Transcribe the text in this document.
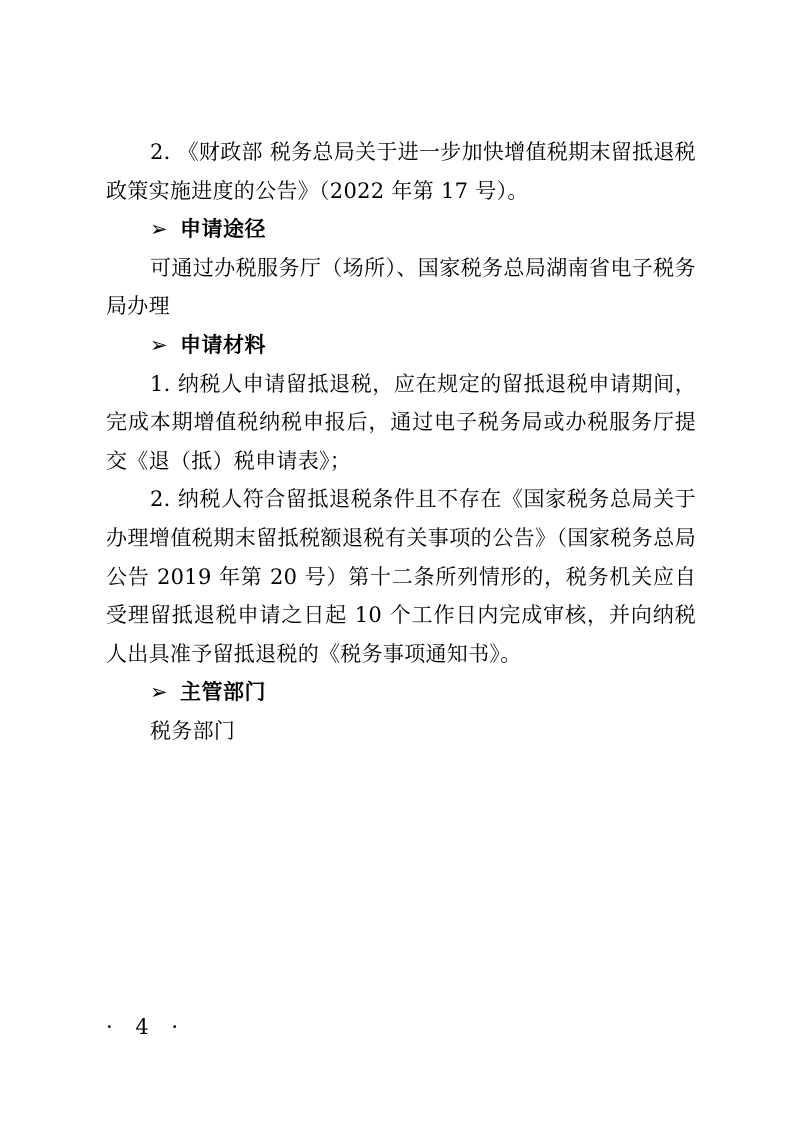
2. 《财政部 税务总局关于进一步加快增值税期末留抵退税政策实施进度的公告》（2022 年第 17 号）。

➢ 申请途径

可通过办税服务厅（场所）、国家税务总局湖南省电子税务局办理

➢ 申请材料

1. 纳税人申请留抵退税，应在规定的留抵退税申请期间，完成本期增值税纳税申报后，通过电子税务局或办税服务厅提交《退（抵）税申请表》；

2. 纳税人符合留抵退税条件且不存在《国家税务总局关于办理增值税期末留抵税额退税有关事项的公告》（国家税务总局公告 2019 年第 20 号）第十二条所列情形的，税务机关应自受理留抵退税申请之日起 10 个工作日内完成审核，并向纳税人出具准予留抵退税的《税务事项通知书》。

➢ 主管部门

税务部门

· 4 ·
